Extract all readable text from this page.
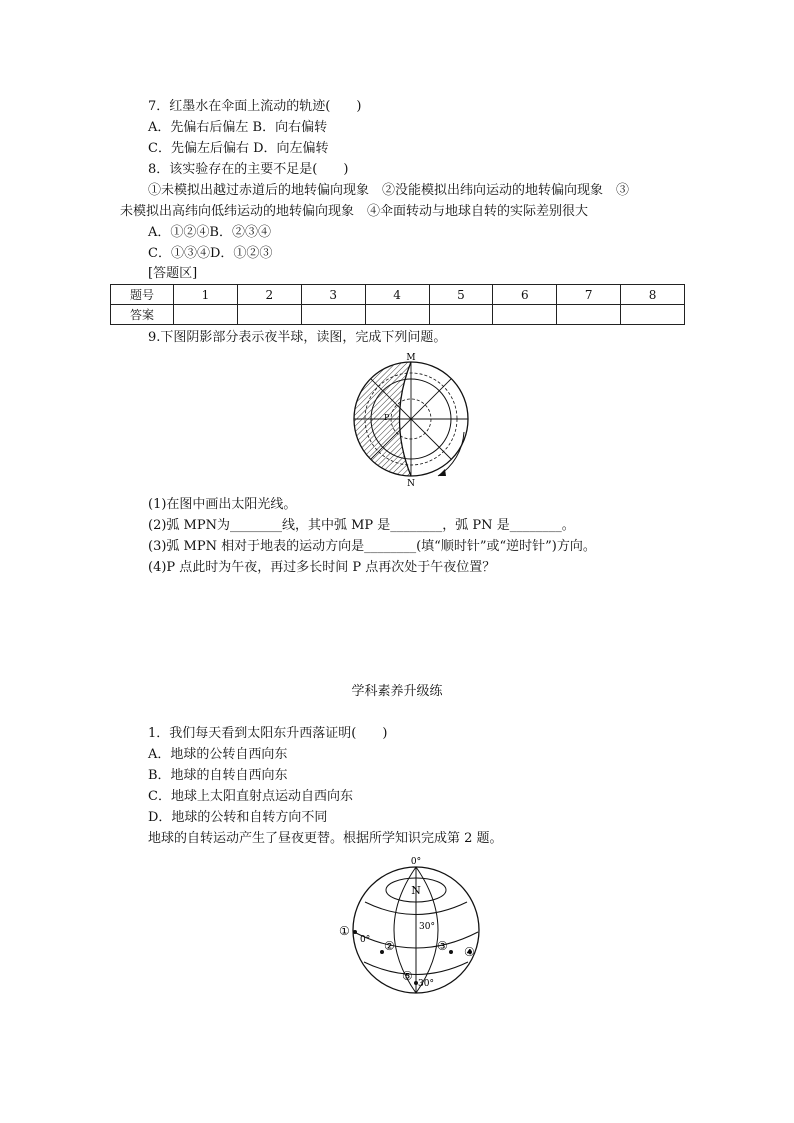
7．红墨水在伞面上流动的轨迹(　　)
A．先偏右后偏左 B．向右偏转
C．先偏左后偏右 D．向左偏转
8．该实验存在的主要不足是(　　)
①未模拟出越过赤道后的地转偏向现象　②没能模拟出纬向运动的地转偏向现象　③
未模拟出高纬向低纬运动的地转偏向现象　④伞面转动与地球自转的实际差别很大
A．①②④B．②③④
C．①③④D．①②③
[答题区]
题号	1	2	3	4	5	6	7	8
答案								
9.下图阴影部分表示夜半球，读图，完成下列问题。
M
N
P
(1)在图中画出太阳光线。
(2)弧 MPN为________线，其中弧 MP 是________，弧 PN 是________。
(3)弧 MPN 相对于地表的运动方向是________(填“顺时针”或“逆时针”)方向。
(4)P 点此时为午夜，再过多长时间 P 点再次处于午夜位置？
学科素养升级练
1．我们每天看到太阳东升西落证明(　　)
A．地球的公转自西向东
B．地球的自转自西向东
C．地球上太阳直射点运动自西向东
D．地球的公转和自转方向不同
地球的自转运动产生了昼夜更替。根据所学知识完成第 2 题。
0°
N
30°
0°
30°
①
②	③ ④
⑤
